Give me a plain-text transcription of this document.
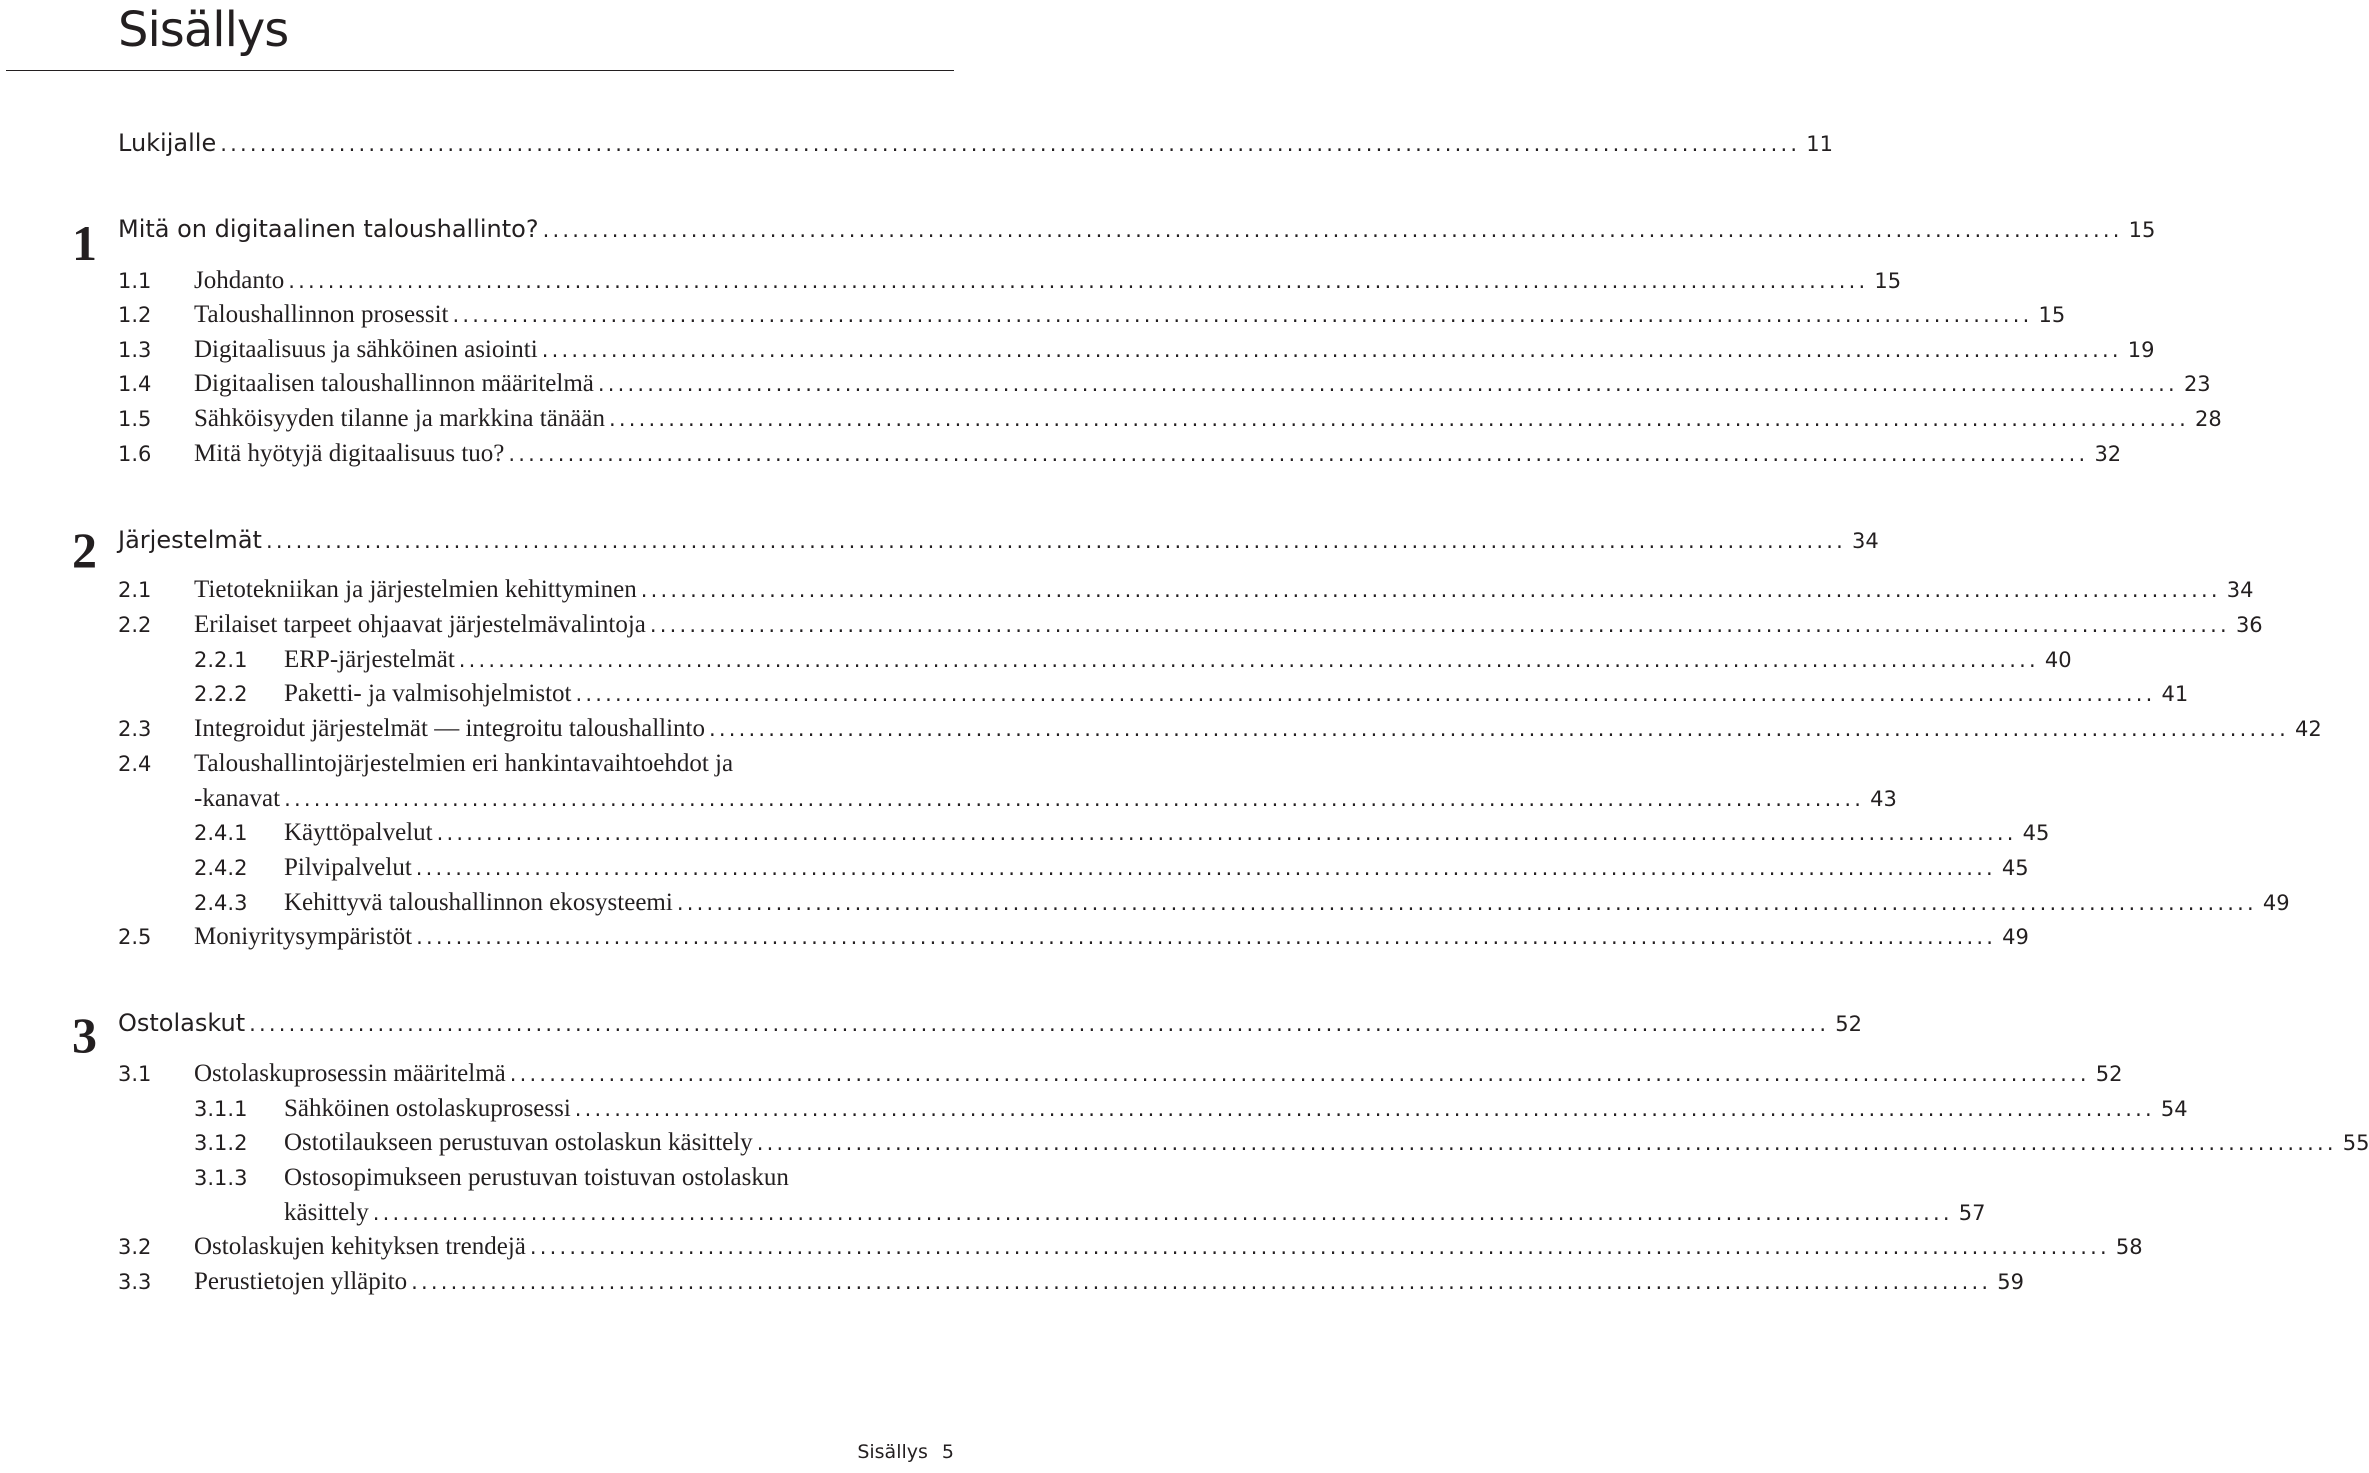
Sisällys
Lukijalle ................................................................................................................................................................ 11
1 Mitä on digitaalinen taloushallinto? ................................................................................................................................................................ 15
1.1	Johdanto ................................................................................................................................................................ 15
1.2	Taloushallinnon prosessit ................................................................................................................................................................ 15
1.3	Digitaalisuus ja sähköinen asiointi ................................................................................................................................................................ 19
1.4	Digitaalisen taloushallinnon määritelmä ................................................................................................................................................................ 23
1.5	Sähköisyyden tilanne ja markkina tänään ................................................................................................................................................................ 28
1.6	Mitä hyötyjä digitaalisuus tuo? ................................................................................................................................................................ 32
2 Järjestelmät ................................................................................................................................................................ 34
2.1	Tietotekniikan ja järjestelmien kehittyminen ................................................................................................................................................................ 34
2.2	Erilaiset tarpeet ohjaavat järjestelmävalintoja ................................................................................................................................................................ 36
2.2.1	ERP-järjestelmät ................................................................................................................................................................ 40
2.2.2	Paketti- ja valmisohjelmistot ................................................................................................................................................................ 41
2.3	Integroidut järjestelmät — integroitu taloushallinto ................................................................................................................................................................ 42
2.4	Taloushallintojärjestelmien eri hankintavaihtoehdot ja
-kanavat ................................................................................................................................................................ 43
2.4.1	Käyttöpalvelut ................................................................................................................................................................ 45
2.4.2	Pilvipalvelut ................................................................................................................................................................ 45
2.4.3	Kehittyvä taloushallinnon ekosysteemi ................................................................................................................................................................ 49
2.5	Moniyritysympäristöt ................................................................................................................................................................ 49
3 Ostolaskut ................................................................................................................................................................ 52
3.1	Ostolaskuprosessin määritelmä ................................................................................................................................................................ 52
3.1.1	Sähköinen ostolaskuprosessi ................................................................................................................................................................ 54
3.1.2	Ostotilaukseen perustuvan ostolaskun käsittely ................................................................................................................................................................ 55
3.1.3	Ostosopimukseen perustuvan toistuvan ostolaskun
käsittely ................................................................................................................................................................ 57
3.2	Ostolaskujen kehityksen trendejä ................................................................................................................................................................ 58
3.3	Perustietojen ylläpito ................................................................................................................................................................ 59
Sisällys 5
